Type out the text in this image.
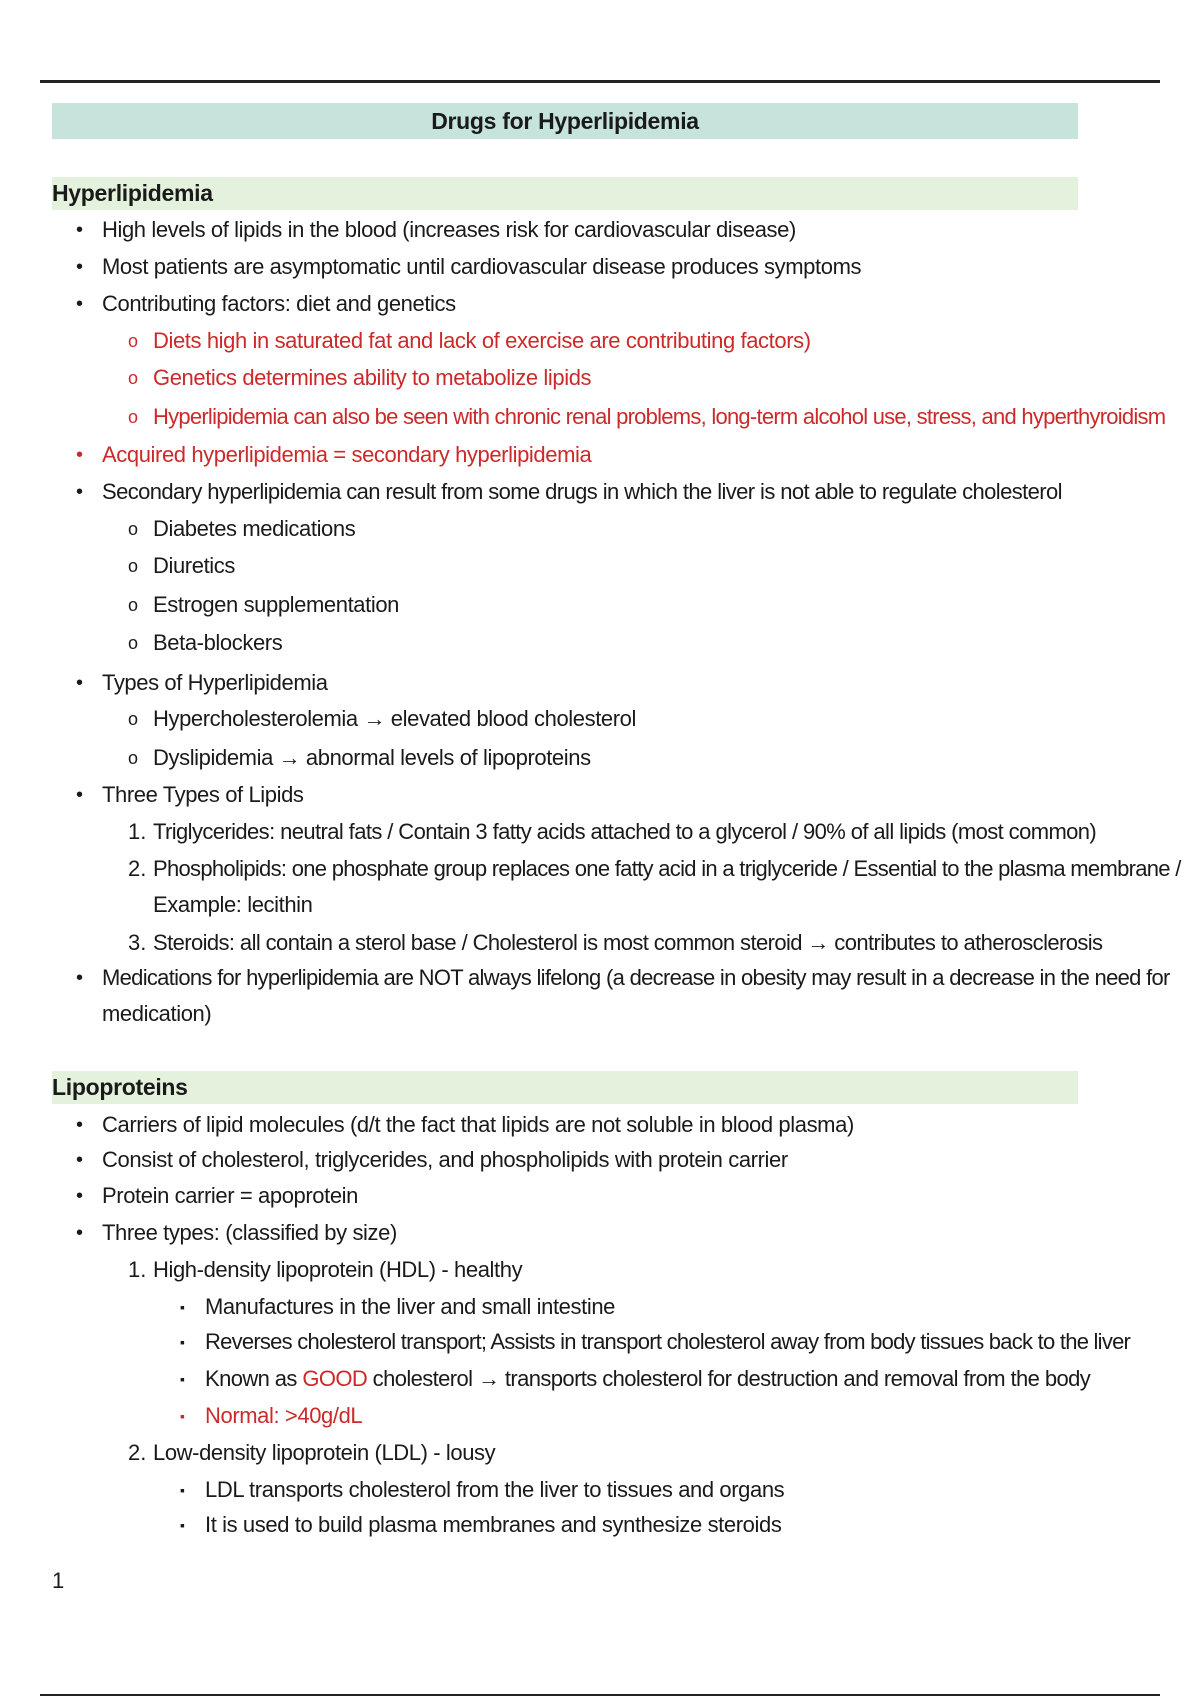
Drugs for Hyperlipidemia
Hyperlipidemia
• High levels of lipids in the blood (increases risk for cardiovascular disease)
• Most patients are asymptomatic until cardiovascular disease produces symptoms
• Contributing factors: diet and genetics
o Diets high in saturated fat and lack of exercise are contributing factors)
o Genetics determines ability to metabolize lipids
o Hyperlipidemia can also be seen with chronic renal problems, long-term alcohol use, stress, and hyperthyroidism
• Acquired hyperlipidemia = secondary hyperlipidemia
• Secondary hyperlipidemia can result from some drugs in which the liver is not able to regulate cholesterol
o Diabetes medications
o Diuretics
o Estrogen supplementation
o Beta-blockers
• Types of Hyperlipidemia
o Hypercholesterolemia → elevated blood cholesterol
o Dyslipidemia → abnormal levels of lipoproteins
• Three Types of Lipids
1. Triglycerides: neutral fats / Contain 3 fatty acids attached to a glycerol / 90% of all lipids (most common)
2. Phospholipids: one phosphate group replaces one fatty acid in a triglyceride / Essential to the plasma membrane /
Example: lecithin
3. Steroids: all contain a sterol base / Cholesterol is most common steroid → contributes to atherosclerosis
• Medications for hyperlipidemia are NOT always lifelong (a decrease in obesity may result in a decrease in the need for
medication)
Lipoproteins
• Carriers of lipid molecules (d/t the fact that lipids are not soluble in blood plasma)
• Consist of cholesterol, triglycerides, and phospholipids with protein carrier
• Protein carrier = apoprotein
• Three types: (classified by size)
1. High-density lipoprotein (HDL) - healthy
▪ Manufactures in the liver and small intestine
▪ Reverses cholesterol transport; Assists in transport cholesterol away from body tissues back to the liver
▪ Known as GOOD cholesterol → transports cholesterol for destruction and removal from the body
▪ Normal: >40g/dL
2. Low-density lipoprotein (LDL) - lousy
▪ LDL transports cholesterol from the liver to tissues and organs
▪ It is used to build plasma membranes and synthesize steroids
1
